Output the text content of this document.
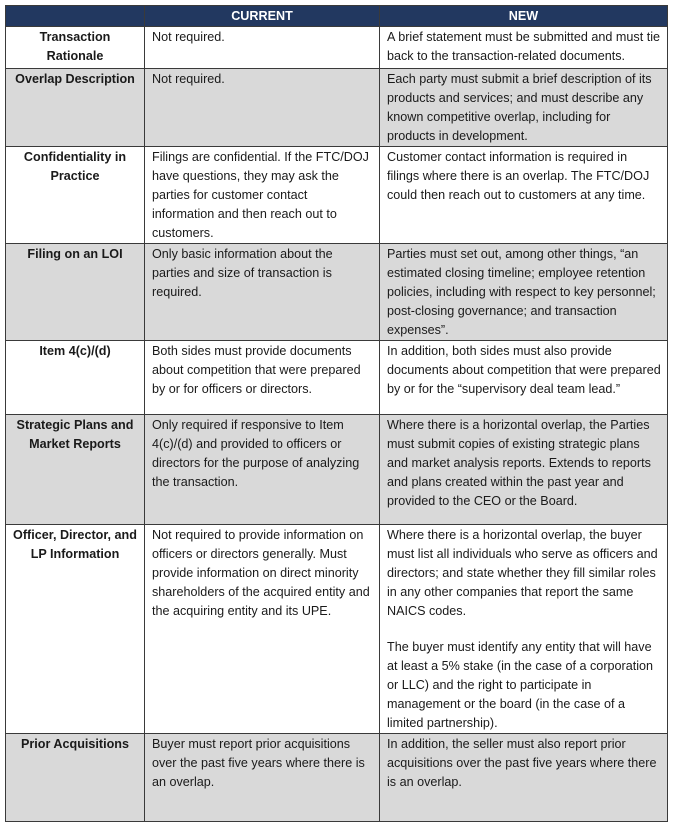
	CURRENT	NEW
Transaction Rationale	Not required.	A brief statement must be submitted and must tie back to the transaction-related documents.
Overlap Description	Not required.	Each party must submit a brief description of its products and services; and must describe any known competitive overlap, including for products in development.
Confidentiality in Practice	Filings are confidential. If the FTC/DOJ have questions, they may ask the parties for customer contact information and then reach out to customers.	Customer contact information is required in filings where there is an overlap. The FTC/DOJ could then reach out to customers at any time.
Filing on an LOI	Only basic information about the parties and size of transaction is required.	Parties must set out, among other things, “an estimated closing timeline; employee retention policies, including with respect to key personnel; post-closing governance; and transaction expenses”.
Item 4(c)/(d)	Both sides must provide documents about competition that were prepared by or for officers or directors.	In addition, both sides must also provide documents about competition that were prepared by or for the “supervisory deal team lead.”
Strategic Plans and Market Reports	Only required if responsive to Item 4(c)/(d) and provided to officers or directors for the purpose of analyzing the transaction.	Where there is a horizontal overlap, the Parties must submit copies of existing strategic plans and market analysis reports. Extends to reports and plans created within the past year and provided to the CEO or the Board.
Officer, Director, and LP Information	Not required to provide information on officers or directors generally. Must provide information on direct minority shareholders of the acquired entity and the acquiring entity and its UPE.	Where there is a horizontal overlap, the buyer must list all individuals who serve as officers and directors; and state whether they fill similar roles in any other companies that report the same NAICS codes.
The buyer must identify any entity that will have at least a 5% stake (in the case of a corporation or LLC) and the right to participate in management or the board (in the case of a limited partnership).

Prior Acquisitions	Buyer must report prior acquisitions over the past five years where there is an overlap.	In addition, the seller must also report prior acquisitions over the past five years where there is an overlap.
